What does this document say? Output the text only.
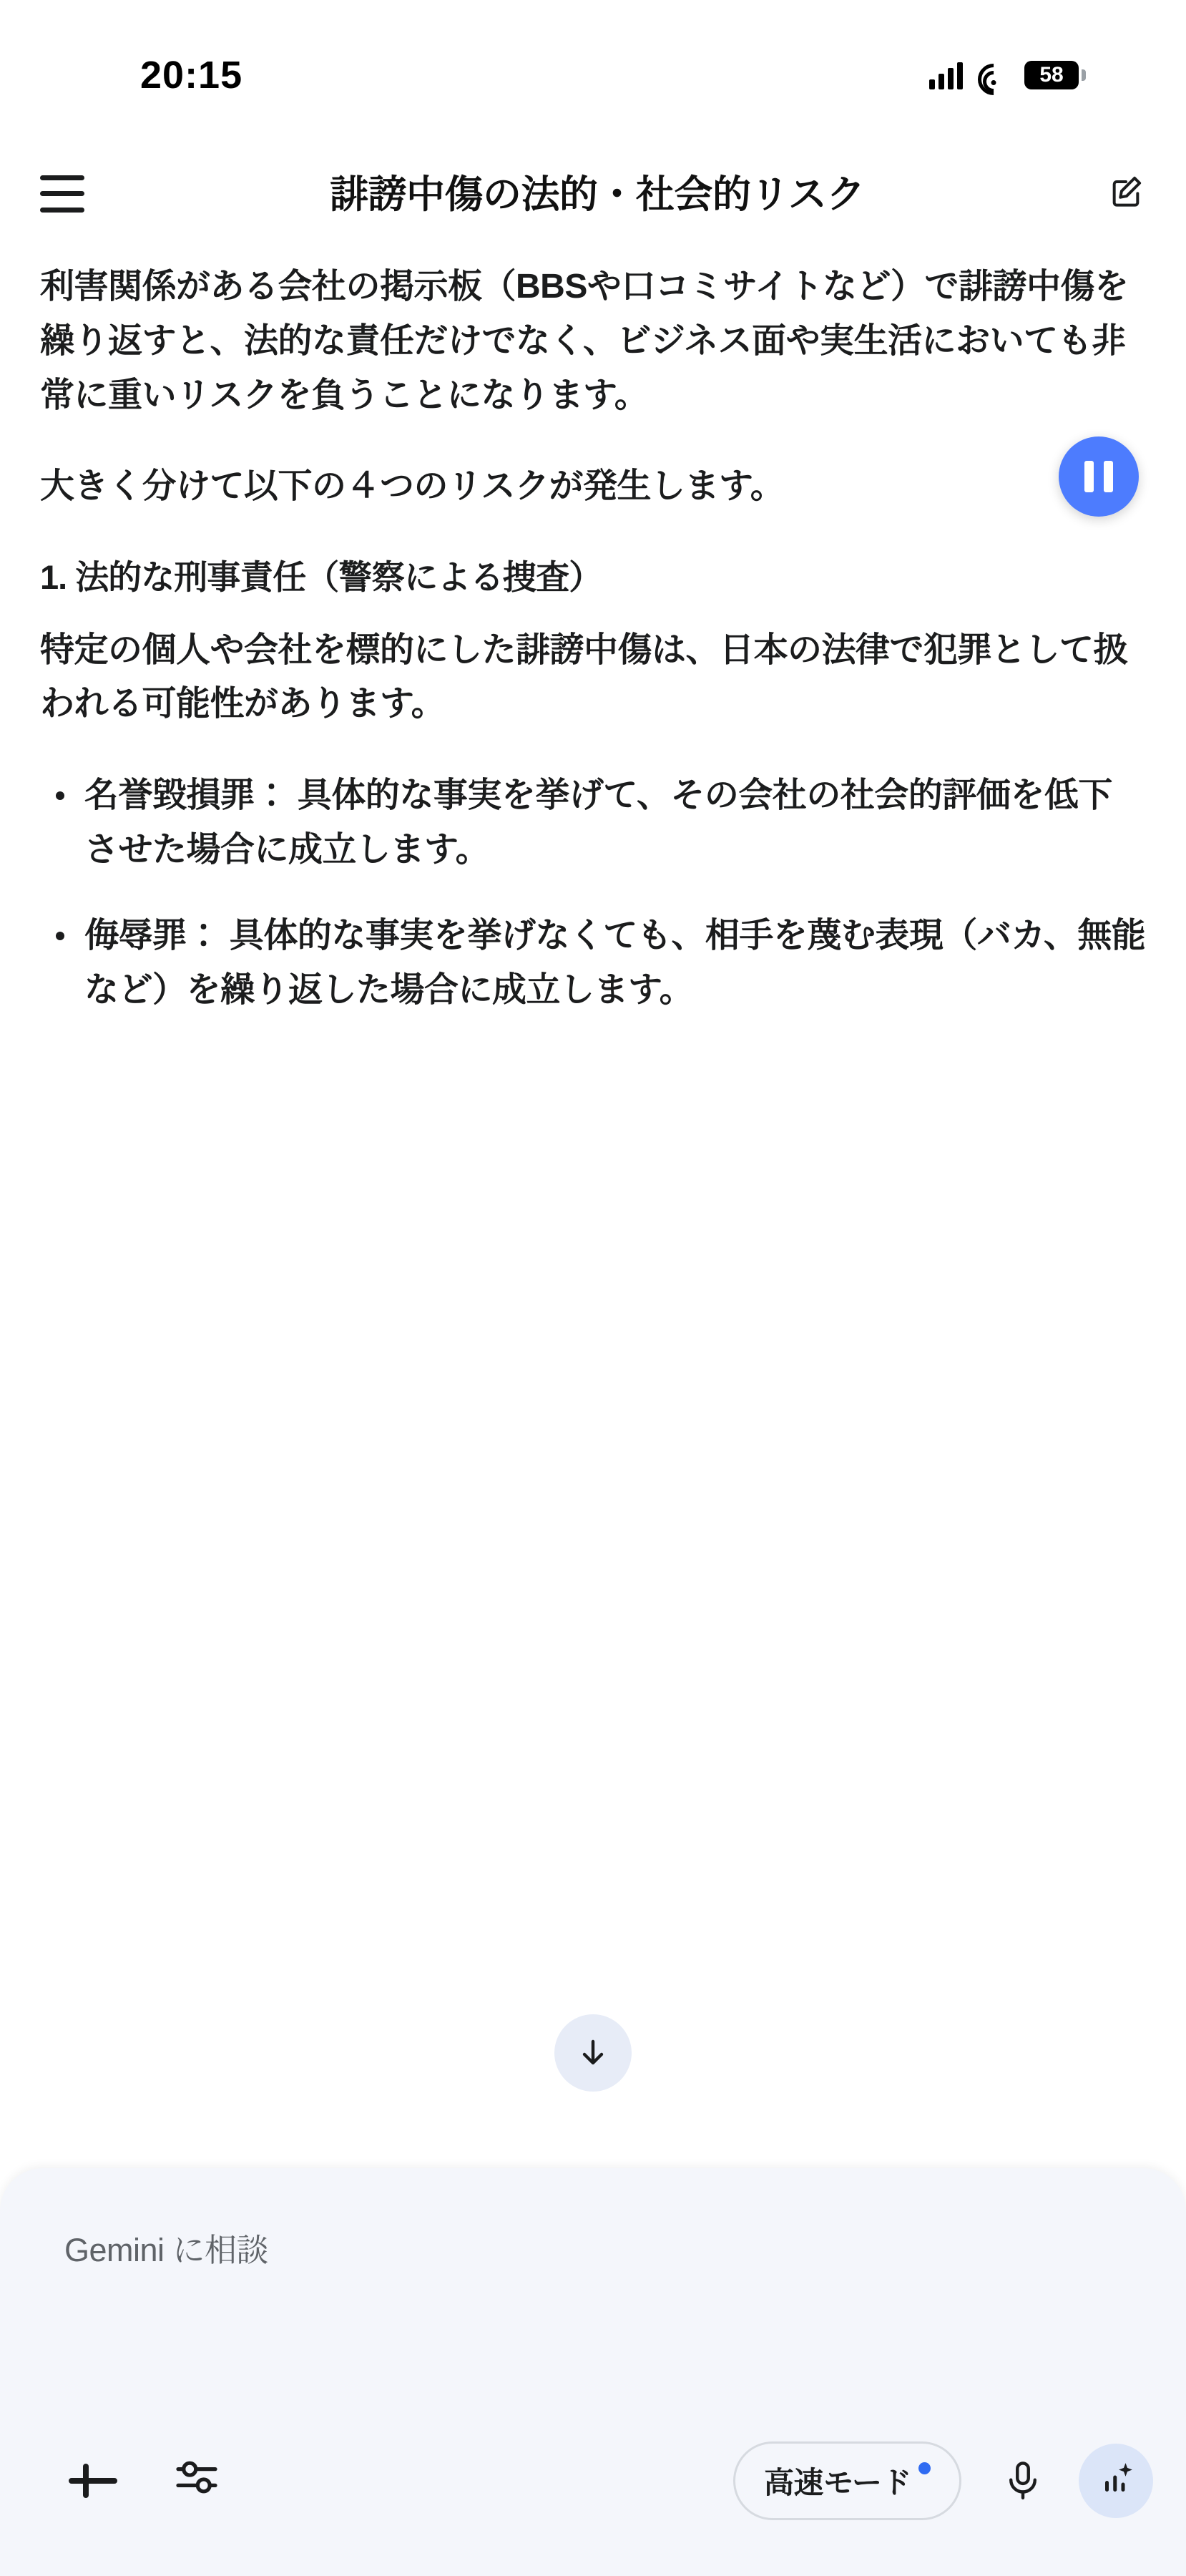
20:15	58
誹謗中傷の法的・社会的リスク

利害関係がある会社の掲示板（BBSや口コミサイトなど）で誹謗中傷を繰り返すと、法的な責任だけでなく、ビジネス面や実生活においても非常に重いリスクを負うことになります。

大きく分けて以下の４つのリスクが発生します。

1. 法的な刑事責任（警察による捜査）

特定の個人や会社を標的にした誹謗中傷は、日本の法律で犯罪として扱われる可能性があります。

名誉毀損罪： 具体的な事実を挙げて、その会社の社会的評価を低下させた場合に成立します。
侮辱罪： 具体的な事実を挙げなくても、相手を蔑む表現（バカ、無能など）を繰り返した場合に成立します。
Gemini に相談
高速モード
